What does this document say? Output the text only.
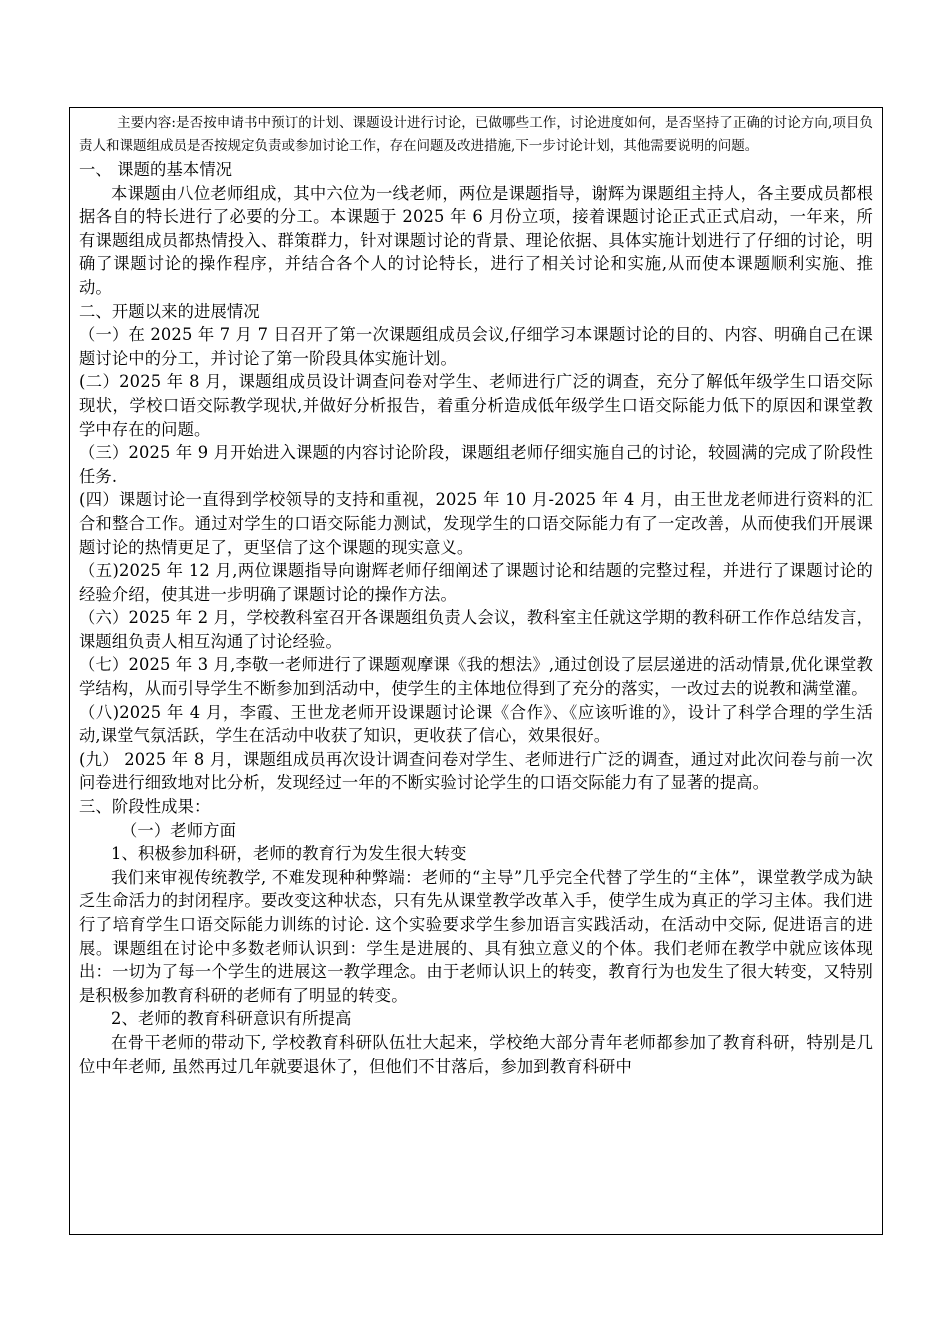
主要内容:是否按申请书中预订的计划、课题设计进行讨论，已做哪些工作，讨论进度如何，是否坚持了正确的讨论方向,项目负责人和课题组成员是否按规定负责或参加讨论工作，存在问题及改进措施,下一步讨论计划，其他需要说明的问题。

一、 课题的基本情况

本课题由八位老师组成，其中六位为一线老师，两位是课题指导，谢辉为课题组主持人，各主要成员都根据各自的特长进行了必要的分工。本课题于 2025 年 6 月份立项，接着课题讨论正式正式启动，一年来，所有课题组成员都热情投入、群策群力，针对课题讨论的背景、理论依据、具体实施计划进行了仔细的讨论，明确了课题讨论的操作程序，并结合各个人的讨论特长，进行了相关讨论和实施,从而使本课题顺利实施、推动。

二、开题以来的进展情况

（一）在 2025 年 7 月 7 日召开了第一次课题组成员会议,仔细学习本课题讨论的目的、内容、明确自己在课题讨论中的分工，并讨论了第一阶段具体实施计划。

(二）2025 年 8 月，课题组成员设计调查问卷对学生、老师进行广泛的调查，充分了解低年级学生口语交际现状，学校口语交际教学现状,并做好分析报告，着重分析造成低年级学生口语交际能力低下的原因和课堂教学中存在的问题。

（三）2025 年 9 月开始进入课题的内容讨论阶段，课题组老师仔细实施自己的讨论，较圆满的完成了阶段性任务.

(四）课题讨论一直得到学校领导的支持和重视，2025 年 10 月-2025 年 4 月，由王世龙老师进行资料的汇合和整合工作。通过对学生的口语交际能力测试，发现学生的口语交际能力有了一定改善，从而使我们开展课题讨论的热情更足了，更坚信了这个课题的现实意义。

（五)2025 年 12 月,两位课题指导向谢辉老师仔细阐述了课题讨论和结题的完整过程，并进行了课题讨论的经验介绍，使其进一步明确了课题讨论的操作方法。

（六）2025 年 2 月，学校教科室召开各课题组负责人会议，教科室主任就这学期的教科研工作作总结发言，课题组负责人相互沟通了讨论经验。

（七）2025 年 3 月,李敬一老师进行了课题观摩课《我的想法》,通过创设了层层递进的活动情景,优化课堂教学结构，从而引导学生不断参加到活动中，使学生的主体地位得到了充分的落实，一改过去的说教和满堂灌。

（八)2025 年 4 月，李霞、王世龙老师开设课题讨论课《合作》、《应该听谁的》，设计了科学合理的学生活动,课堂气氛活跃，学生在活动中收获了知识，更收获了信心，效果很好。

(九） 2025 年 8 月，课题组成员再次设计调查问卷对学生、老师进行广泛的调查，通过对此次问卷与前一次问卷进行细致地对比分析，发现经过一年的不断实验讨论学生的口语交际能力有了显著的提高。

三、阶段性成果：

（一）老师方面

1、积极参加科研，老师的教育行为发生很大转变

我们来审视传统教学, 不难发现种种弊端：老师的“主导”几乎完全代替了学生的“主体”，课堂教学成为缺乏生命活力的封闭程序。要改变这种状态，只有先从课堂教学改革入手，使学生成为真正的学习主体。我们进行了培育学生口语交际能力训练的讨论. 这个实验要求学生参加语言实践活动，在活动中交际, 促进语言的进展。课题组在讨论中多数老师认识到：学生是进展的、具有独立意义的个体。我们老师在教学中就应该体现出：一切为了每一个学生的进展这一教学理念。由于老师认识上的转变，教育行为也发生了很大转变，又特别是积极参加教育科研的老师有了明显的转变。

2、老师的教育科研意识有所提高

在骨干老师的带动下, 学校教育科研队伍壮大起来，学校绝大部分青年老师都参加了教育科研，特别是几位中年老师, 虽然再过几年就要退休了，但他们不甘落后，参加到教育科研中
